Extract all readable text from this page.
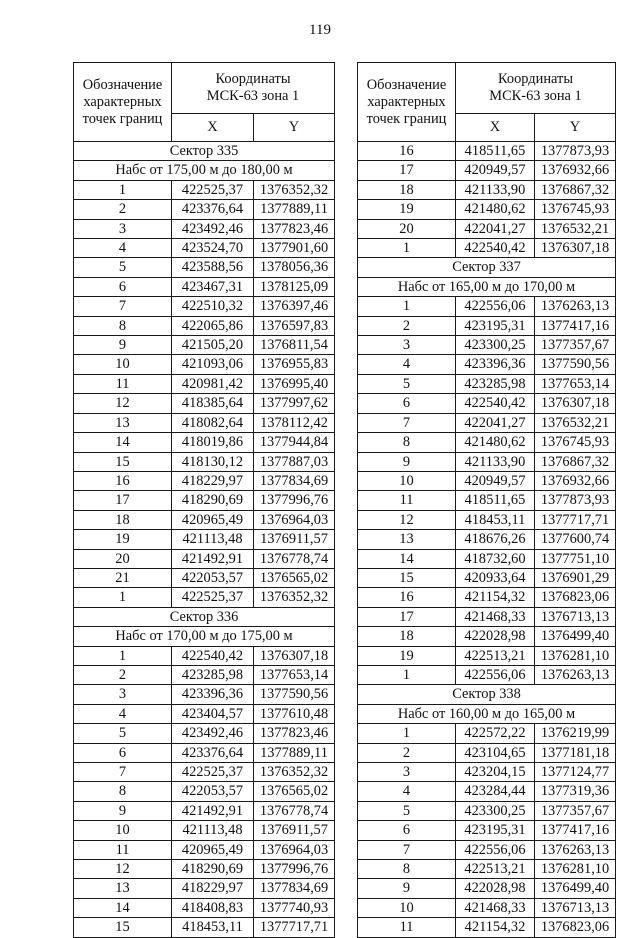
119
Обозначение
характерных
точек границ	Координаты
МСК-63 зона 1	
	X	Y
Сектор 335		
Набс от 175,00 м до 180,00 м		
1	422525,37	1376352,32
2	423376,64	1377889,11
3	423492,46	1377823,46
4	423524,70	1377901,60
5	423588,56	1378056,36
6	423467,31	1378125,09
7	422510,32	1376397,46
8	422065,86	1376597,83
9	421505,20	1376811,54
10	421093,06	1376955,83
11	420981,42	1376995,40
12	418385,64	1377997,62
13	418082,64	1378112,42
14	418019,86	1377944,84
15	418130,12	1377887,03
16	418229,97	1377834,69
17	418290,69	1377996,76
18	420965,49	1376964,03
19	421113,48	1376911,57
20	421492,91	1376778,74
21	422053,57	1376565,02
1	422525,37	1376352,32
Сектор 336		
Набс от 170,00 м до 175,00 м		
1	422540,42	1376307,18
2	423285,98	1377653,14
3	423396,36	1377590,56
4	423404,57	1377610,48
5	423492,46	1377823,46
6	423376,64	1377889,11
7	422525,37	1376352,32
8	422053,57	1376565,02
9	421492,91	1376778,74
10	421113,48	1376911,57
11	420965,49	1376964,03
12	418290,69	1377996,76
13	418229,97	1377834,69
14	418408,83	1377740,93
15	418453,11	1377717,71
Обозначение
характерных
точек границ	Координаты
МСК-63 зона 1	
	X	Y
16	418511,65	1377873,93
17	420949,57	1376932,66
18	421133,90	1376867,32
19	421480,62	1376745,93
20	422041,27	1376532,21
1	422540,42	1376307,18
Сектор 337		
Набс от 165,00 м до 170,00 м		
1	422556,06	1376263,13
2	423195,31	1377417,16
3	423300,25	1377357,67
4	423396,36	1377590,56
5	423285,98	1377653,14
6	422540,42	1376307,18
7	422041,27	1376532,21
8	421480,62	1376745,93
9	421133,90	1376867,32
10	420949,57	1376932,66
11	418511,65	1377873,93
12	418453,11	1377717,71
13	418676,26	1377600,74
14	418732,60	1377751,10
15	420933,64	1376901,29
16	421154,32	1376823,06
17	421468,33	1376713,13
18	422028,98	1376499,40
19	422513,21	1376281,10
1	422556,06	1376263,13
Сектор 338		
Набс от 160,00 м до 165,00 м		
1	422572,22	1376219,99
2	423104,65	1377181,18
3	423204,15	1377124,77
4	423284,44	1377319,36
5	423300,25	1377357,67
6	423195,31	1377417,16
7	422556,06	1376263,13
8	422513,21	1376281,10
9	422028,98	1376499,40
10	421468,33	1376713,13
11	421154,32	1376823,06
